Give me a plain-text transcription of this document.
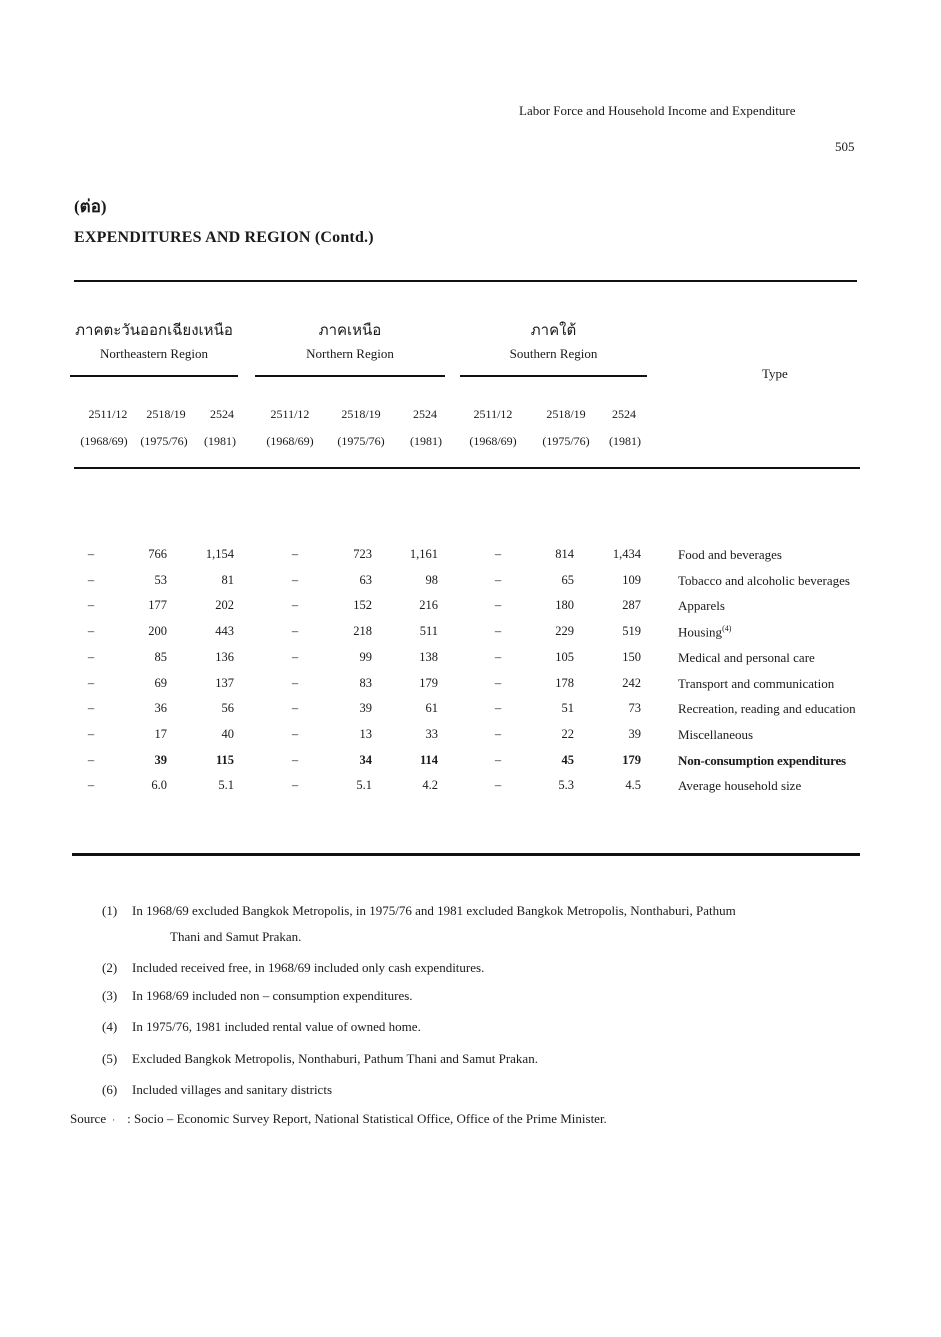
Labor Force and Household Income and Expenditure
505
(ต่อ)
EXPENDITURES AND REGION (Contd.)
ภาคตะวันออกเฉียงเหนือ
Northeastern Region
ภาคเหนือ
Northern Region
ภาคใต้
Southern Region
Type
2511/12	2518/19	2524
(1968/69)	(1975/76)	(1981)
2511/12	2518/19	2524
(1968/69)	(1975/76)	(1981)
2511/12	2518/19	2524
(1968/69)	(1975/76)	(1981)
–	766	1,154	–	723	1,161	–	814	1,434	Food and beverages
–	53	81	–	63	98	–	65	109	Tobacco and alcoholic beverages
–	177	202	–	152	216	–	180	287	Apparels
–	200	443	–	218	511	–	229	519	Housing$^{(4)}$
–	85	136	–	99	138	–	105	150	Medical and personal care
–	69	137	–	83	179	–	178	242	Transport and communication
–	36	56	–	39	61	–	51	73	Recreation, reading and education
–	17	40	–	13	33	–	22	39	Miscellaneous
–	39	115	–	34	114	–	45	179	Non-consumption expenditures
–	6.0	5.1	–	5.1	4.2	–	5.3	4.5	Average household size
(1) In 1968/69 excluded Bangkok Metropolis, in 1975/76 and 1981 excluded Bangkok Metropolis, Nonthaburi, Pathum
Thani and Samut Prakan.
(2) Included received free, in 1968/69 included only cash expenditures.
(3) In 1968/69 included non – consumption expenditures.
(4) In 1975/76, 1981 included rental value of owned home.
(5) Excluded Bangkok Metropolis, Nonthaburi, Pathum Thani and Samut Prakan.
(6) Included villages and sanitary districts
Source · : Socio – Economic Survey Report, National Statistical Office, Office of the Prime Minister.
